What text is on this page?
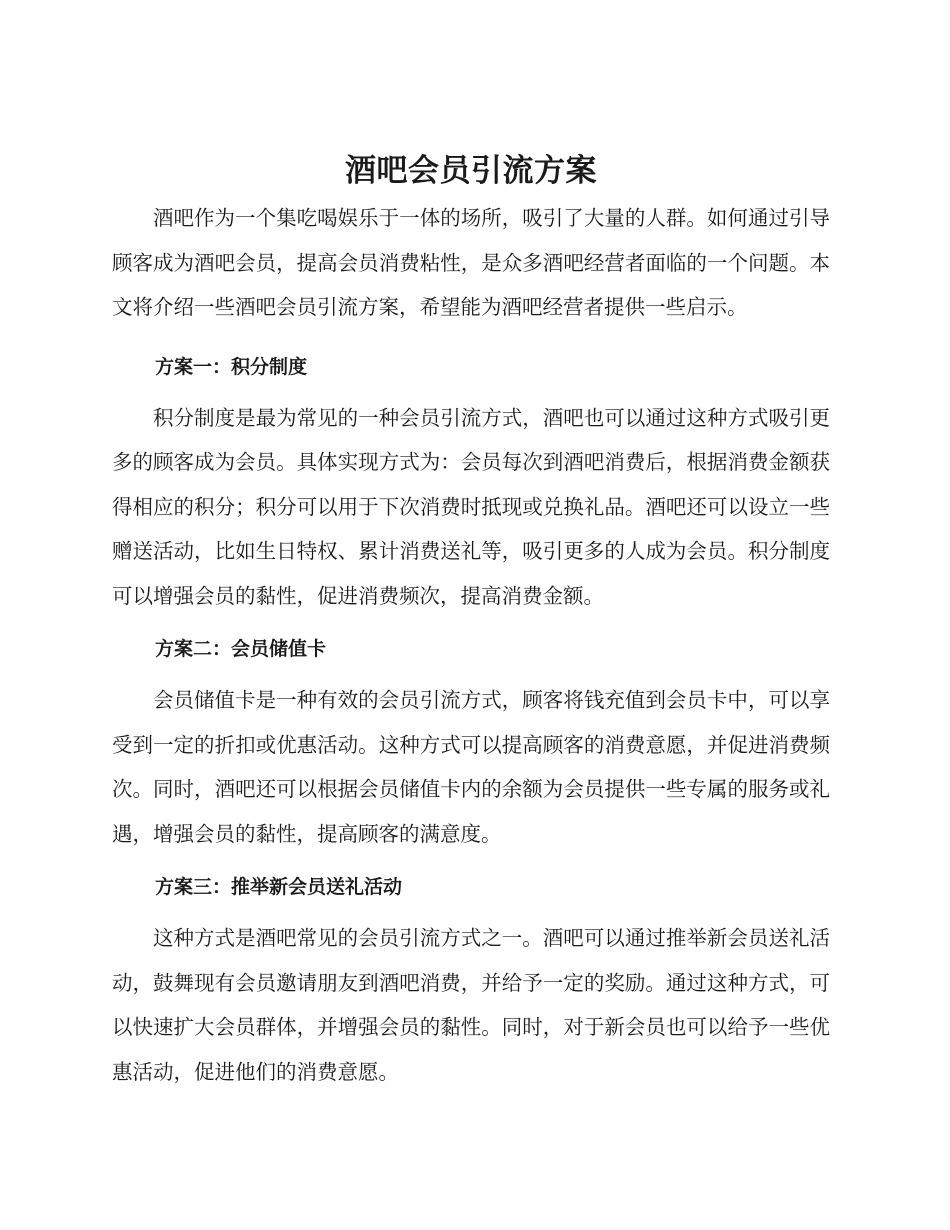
酒吧会员引流方案

酒吧作为一个集吃喝娱乐于一体的场所，吸引了大量的人群。如何通过引导顾客成为酒吧会员，提高会员消费粘性，是众多酒吧经营者面临的一个问题。本文将介绍一些酒吧会员引流方案，希望能为酒吧经营者提供一些启示。

方案一：积分制度

积分制度是最为常见的一种会员引流方式，酒吧也可以通过这种方式吸引更多的顾客成为会员。具体实现方式为：会员每次到酒吧消费后，根据消费金额获得相应的积分；积分可以用于下次消费时抵现或兑换礼品。酒吧还可以设立一些赠送活动，比如生日特权、累计消费送礼等，吸引更多的人成为会员。积分制度可以增强会员的黏性，促进消费频次，提高消费金额。

方案二：会员储值卡

会员储值卡是一种有效的会员引流方式，顾客将钱充值到会员卡中，可以享受到一定的折扣或优惠活动。这种方式可以提高顾客的消费意愿，并促进消费频次。同时，酒吧还可以根据会员储值卡内的余额为会员提供一些专属的服务或礼遇，增强会员的黏性，提高顾客的满意度。

方案三：推举新会员送礼活动

这种方式是酒吧常见的会员引流方式之一。酒吧可以通过推举新会员送礼活动，鼓舞现有会员邀请朋友到酒吧消费，并给予一定的奖励。通过这种方式，可以快速扩大会员群体，并增强会员的黏性。同时，对于新会员也可以给予一些优惠活动，促进他们的消费意愿。
